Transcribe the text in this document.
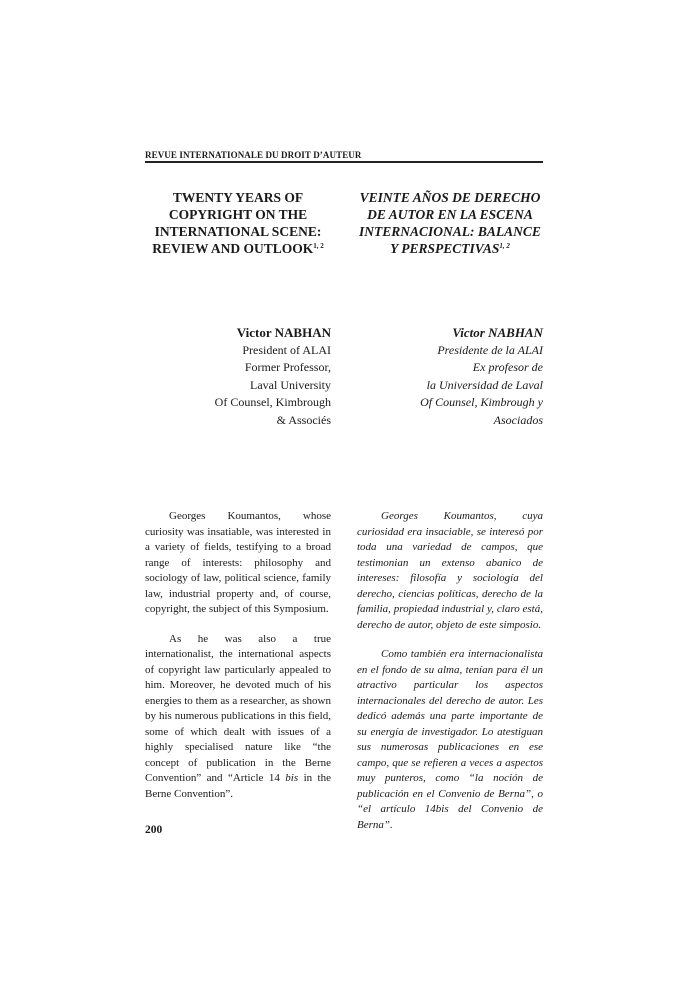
REVUE INTERNATIONALE DU DROIT D’AUTEUR
TWENTY YEARS OF COPYRIGHT ON THE INTERNATIONAL SCENE: REVIEW AND OUTLOOK$^{1, 2}$
VEINTE AÑOS DE DERECHO DE AUTOR EN LA ESCENA INTERNACIONAL: BALANCE Y PERSPECTIVAS$^{1, 2}$
Victor NABHAN
President of ALAI
Former Professor,
Laval University
Of Counsel, Kimbrough
& Associés
Victor NABHAN
Presidente de la ALAI
Ex profesor de
la Universidad de Laval
Of Counsel, Kimbrough y
Asociados

Georges Koumantos, whose curiosity was insatiable, was interested in a variety of fields, testifying to a broad range of interests: philosophy and sociology of law, political science, family law, industrial property and, of course, copyright, the subject of this Symposium.

As he was also a true internationalist, the international aspects of copyright law particularly appealed to him. Moreover, he devoted much of his energies to them as a researcher, as shown by his numerous publications in this field, some of which dealt with issues of a highly specialised nature like “the concept of publication in the Berne Convention” and “Article 14 bis in the Berne Convention”.

Georges Koumantos, cuya curiosidad era insaciable, se interesó por toda una variedad de campos, que testimonian un extenso abanico de intereses: filosofía y sociología del derecho, ciencias políticas, derecho de la familia, propiedad industrial y, claro está, derecho de autor, objeto de este simposio.

Como también era internacionalista en el fondo de su alma, tenían para él un atractivo particular los aspectos internacionales del derecho de autor. Les dedicó además una parte importante de su energía de investigador. Lo atestiguan sus numerosas publicaciones en ese campo, que se refieren a veces a aspectos muy punteros, como “la noción de publicación en el Convenio de Berna”, o “el artículo 14bis del Convenio de Berna”.

200
